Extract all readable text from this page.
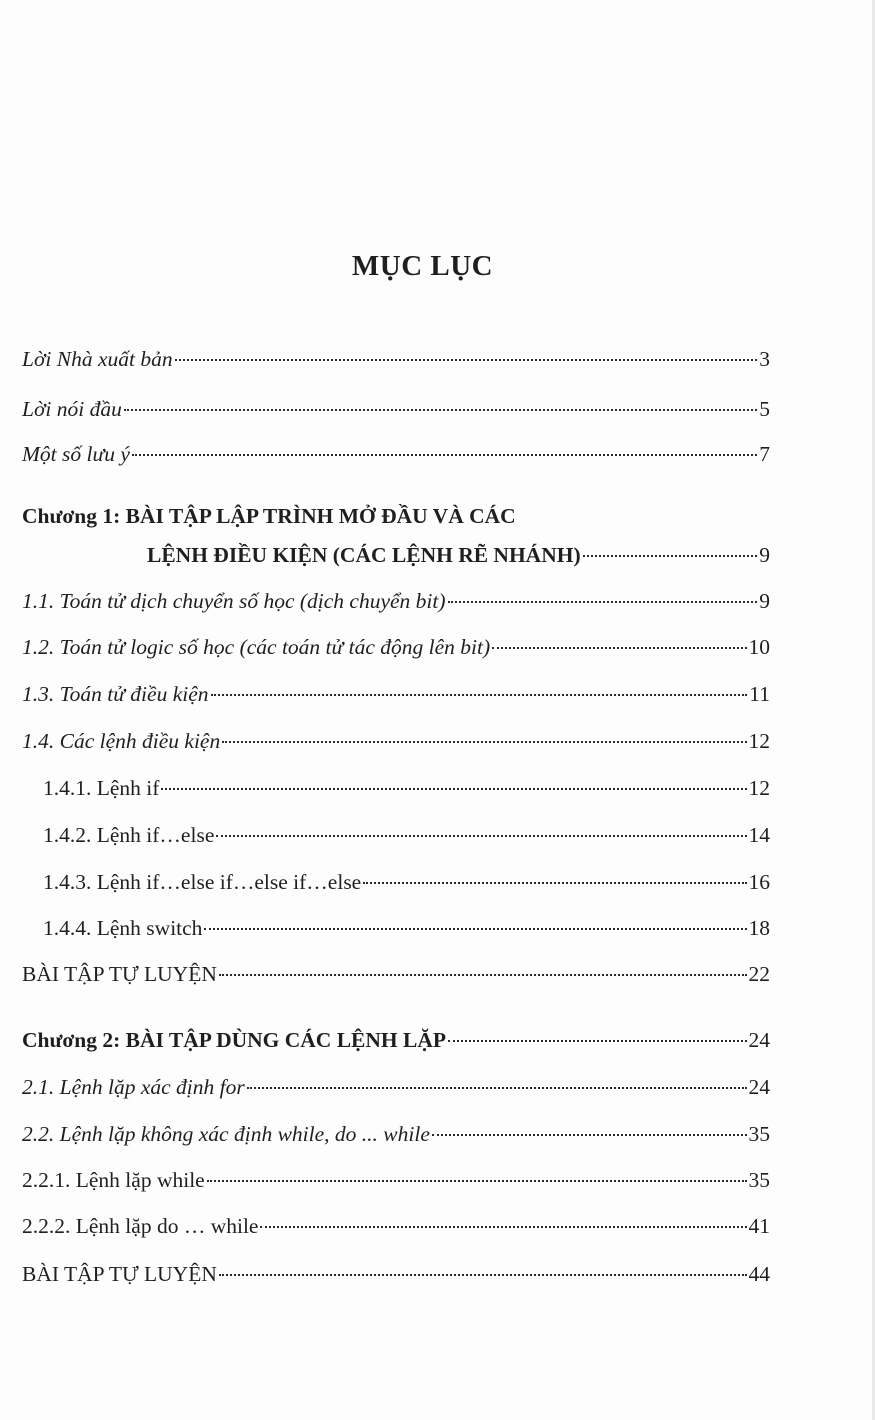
MỤC LỤC
Lời Nhà xuất bản	3
Lời nói đầu	5
Một số lưu ý	7
Chương 1: BÀI TẬP LẬP TRÌNH MỞ ĐẦU VÀ CÁC
LỆNH ĐIỀU KIỆN (CÁC LỆNH RẼ NHÁNH)	9
1.1. Toán tử dịch chuyển số học (dịch chuyển bit)	9
1.2. Toán tử logic số học (các toán tử tác động lên bit)	10
1.3. Toán tử điều kiện	11
1.4. Các lệnh điều kiện	12
1.4.1. Lệnh if	12
1.4.2. Lệnh if…else	14
1.4.3. Lệnh if…else if…else if…else	16
1.4.4. Lệnh switch	18
BÀI TẬP TỰ LUYỆN	22
Chương 2: BÀI TẬP DÙNG CÁC LỆNH LẶP	24
2.1. Lệnh lặp xác định for	24
2.2. Lệnh lặp không xác định while, do ... while	35
2.2.1. Lệnh lặp while	35
2.2.2. Lệnh lặp do … while	41
BÀI TẬP TỰ LUYỆN	44
